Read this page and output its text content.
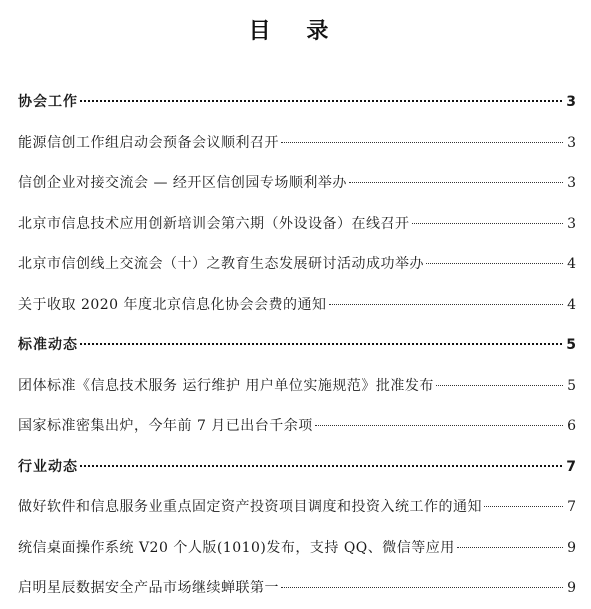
目 录
协会工作	3
能源信创工作组启动会预备会议顺利召开	3
信创企业对接交流会 — 经开区信创园专场顺利举办	3
北京市信息技术应用创新培训会第六期（外设设备）在线召开	3
北京市信创线上交流会（十）之教育生态发展研讨活动成功举办	4
关于收取 2020 年度北京信息化协会会费的通知	4
标准动态	5
团体标准《信息技术服务 运行维护 用户单位实施规范》批准发布	5
国家标准密集出炉，今年前 7 月已出台千余项	6
行业动态	7
做好软件和信息服务业重点固定资产投资项目调度和投资入统工作的通知	7
统信桌面操作系统 V20 个人版(1010)发布，支持 QQ、微信等应用	9
启明星辰数据安全产品市场继续蝉联第一	9
